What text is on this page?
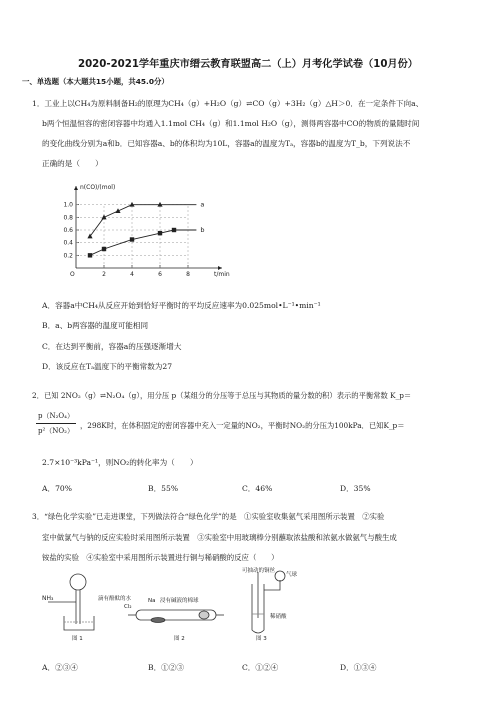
2020-2021学年重庆市缙云教育联盟高二（上）月考化学试卷（10月份）
一、单选题（本大题共15小题，共45.0分）
1．工业上以CH₄为原料制备H₂的原理为CH₄（g）+H₂O（g）⇌CO（g）+3H₂（g）△H＞0．在一定条件下向a、
b两个恒温恒容的密闭容器中均通入1.1mol CH₄（g）和1.1mol H₂O（g），测得两容器中CO的物质的量随时间
的变化曲线分别为a和b．已知容器a、b的体积均为10L，容器a的温度为Tₐ，容器b的温度为T_b，下列说法不
正确的是（　　）
0.2
0.4
0.6
0.8
1.0
2	4	6	8
O
n(CO)/(mol)
t/min
a
b
A．容器a中CH₄从反应开始到恰好平衡时的平均反应速率为0.025mol•L⁻¹•min⁻¹
B．a、b两容器的温度可能相同
C．在达到平衡前，容器a的压强逐渐增大
D．该反应在Tₐ温度下的平衡常数为27
2．已知 2NO₂（g）⇌N₂O₄（g），用分压 p（某组分的分压等于总压与其物质的量分数的积）表示的平衡常数 K_p＝
p（N₂O₄）
p²（NO₂）
，298K时，在体积固定的密闭容器中充入一定量的NO₂，平衡时NO₂的分压为100kPa．已知K_p＝
2.7×10⁻³kPa⁻¹，则NO₂的转化率为（　　）
A．70%	B．55%	C．46%	D．35%
3．“绿色化学实验”已走进课堂，下列做法符合“绿色化学”的是　①实验室收集氨气采用图所示装置　②实验
室中做氯气与钠的反应实验时采用图所示装置　③实验室中用玻璃棒分别蘸取浓盐酸和浓氨水做氨气与酸生成
铵盐的实验　④实验室中采用图所示装置进行铜与稀硝酸的反应（　　）
NH₃	滴有酚酞的水
图 1
Cl₂
Na 浸有碱液的棉球
图 2
可抽动的铜丝
气球
稀硝酸
图 3
A．②③④	B．①②③	C．①②④	D．①③④
